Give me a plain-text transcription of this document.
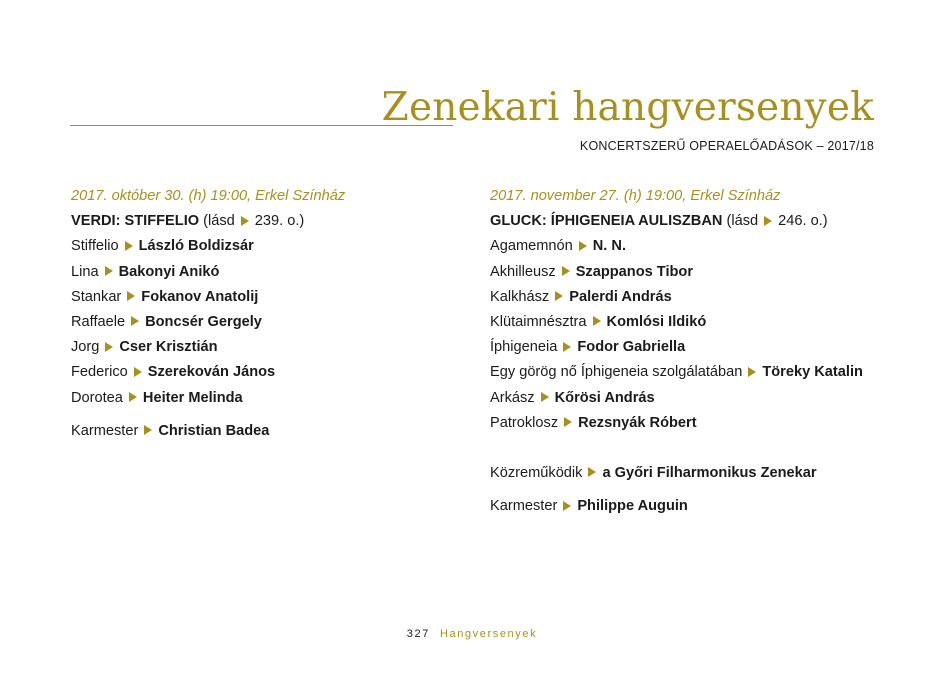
Zenekari hangversenyek
KONCERTSZERŰ OPERAELŐADÁSOK – 2017/18
2017. október 30. (h) 19:00, Erkel Színház
VERDI: STIFFELIO (lásd 239. o.)
Stiffelio László Boldizsár
Lina Bakonyi Anikó
Stankar Fokanov Anatolij
Raffaele Boncsér Gergely
Jorg Cser Krisztián
Federico Szerekován János
Dorotea Heiter Melinda
Karmester Christian Badea
2017. november 27. (h) 19:00, Erkel Színház
GLUCK: ÍPHIGENEIA AULISZBAN (lásd 246. o.)
Agamemnón N. N.
Akhilleusz Szappanos Tibor
Kalkhász Palerdi András
Klütaimnésztra Komlósi Ildikó
Íphigeneia Fodor Gabriella
Egy görög nő Íphigeneia szolgálatában Töreky Katalin
Arkász Kőrösi András
Patroklosz Rezsnyák Róbert
Közreműködik a Győri Filharmonikus Zenekar
Karmester Philippe Auguin
327 Hangversenyek
